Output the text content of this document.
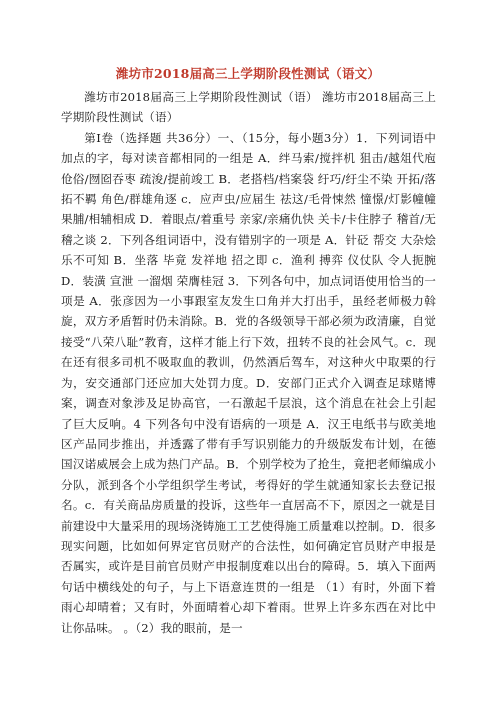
潍坊市2018届高三上学期阶段性测试（语文）

潍坊市2018届高三上学期阶段性测试（语） 潍坊市2018届高三上学期阶段性测试（语）

第Ⅰ卷（选择题 共36分）一、（15分，每小题3分）1．下列词语中加点的字，每对读音都相同的一组是 A．绊马索/搅拌机 狙击/越俎代庖 伧俗/囫囵吞枣 疏浚/提前竣工 B．老搭档/档案袋 纡巧/纡尘不染 开拓/落拓不羁 角色/群雄角逐 c．应声虫/应届生 祛这/毛骨悚然 憧憬/灯影幢幢 果脯/相辅相成 D．着眼点/着重号 亲家/亲痛仇快 关卡/卡住脖子 稽首/无稽之谈 2．下列各组词语中，没有错别字的一项是 A．针砭 帮交 大杂烩 乐不可知 B．坐落 毕竟 发祥地 招之即 c．渔利 搏弈 仪仗队 令人扼腕 D．装潢 宣泄 一溜烟 荣膺桂冠 3．下列各句中，加点词语使用恰当的一项是 A．张彦因为一小事跟室友发生口角并大打出手，虽经老师极力斡旋，双方矛盾暂时仍未消除。B．党的各级领导干部必须为政清廉，自觉接受“八荣八耻”教育，这样才能上行下效，扭转不良的社会风气。c．现在还有很多司机不吸取血的教训，仍然酒后驾车，对这种火中取栗的行为，安交通部门还应加大处罚力度。D．安部门正式介入调查足球赌博案，调查对象涉及足协高官，一石激起千层浪，这个消息在社会上引起了巨大反响。4 下列各句中没有语病的一项是 A．汉王电纸书与欧美地区产品同步推出，并透露了带有手写识别能力的升级版发布计划，在德国汉诺威展会上成为热门产品。B．个别学校为了抢生，竟把老师编成小分队，派到各个小学组织学生考试，考得好的学生就通知家长去登记报名。c．有关商品房质量的投诉，这些年一直居高不下，原因之一就是目前建设中大量采用的现场浇铸施工工艺使得施工质量难以控制。D．很多现实问题，比如如何界定官员财产的合法性，如何确定官员财产申报是否属实，或许是目前官员财产申报制度难以出台的障碍。5．填入下面两句话中横线处的句子，与上下语意连贯的一组是 （1）有时，外面下着雨心却晴着；又有时，外面晴着心却下着雨。世界上许多东西在对比中让你品味。 。（2）我的眼前，是一
